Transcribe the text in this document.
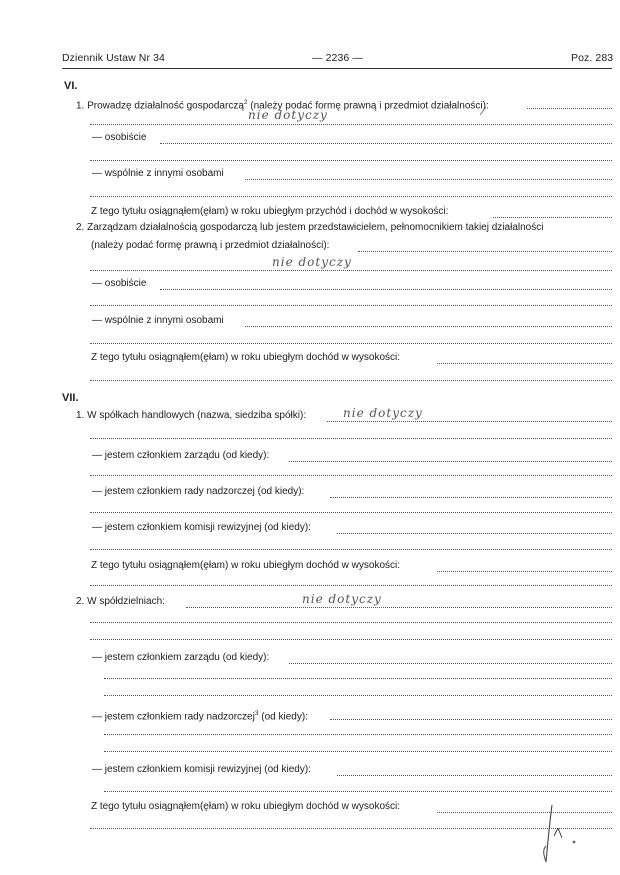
Dziennik Ustaw Nr 34	— 2236 —	Poz. 283
VI.
1. Prowadzę działalność gospodarczą$^2$ (należy podać formę prawną i przedmiot działalności):
nie dotyczy
— osobiście
— wspólnie z innymi osobami
Z tego tytułu osiągnąłem(ęłam) w roku ubiegłym przychód i dochód w wysokości:
2. Zarządzam działalnością gospodarczą lub jestem przedstawicielem, pełnomocnikiem takiej działalności
(należy podać formę prawną i przedmiot działalności):
nie dotyczy
— osobiście
— wspólnie z innymi osobami
Z tego tytułu osiągnąłem(ęłam) w roku ubiegłym dochód w wysokości:
VII.
1. W spółkach handlowych (nazwa, siedziba spółki):	nie dotyczy
— jestem członkiem zarządu (od kiedy):
— jestem członkiem rady nadzorczej (od kiedy):
— jestem członkiem komisji rewizyjnej (od kiedy):
Z tego tytułu osiągnąłem(ęłam) w roku ubiegłym dochód w wysokości:
2. W spółdzielniach:	nie dotyczy
— jestem członkiem zarządu (od kiedy):
— jestem członkiem rady nadzorczej$^3$ (od kiedy):
— jestem członkiem komisji rewizyjnej (od kiedy):
Z tego tytułu osiągnąłem(ęłam) w roku ubiegłym dochód w wysokości:
